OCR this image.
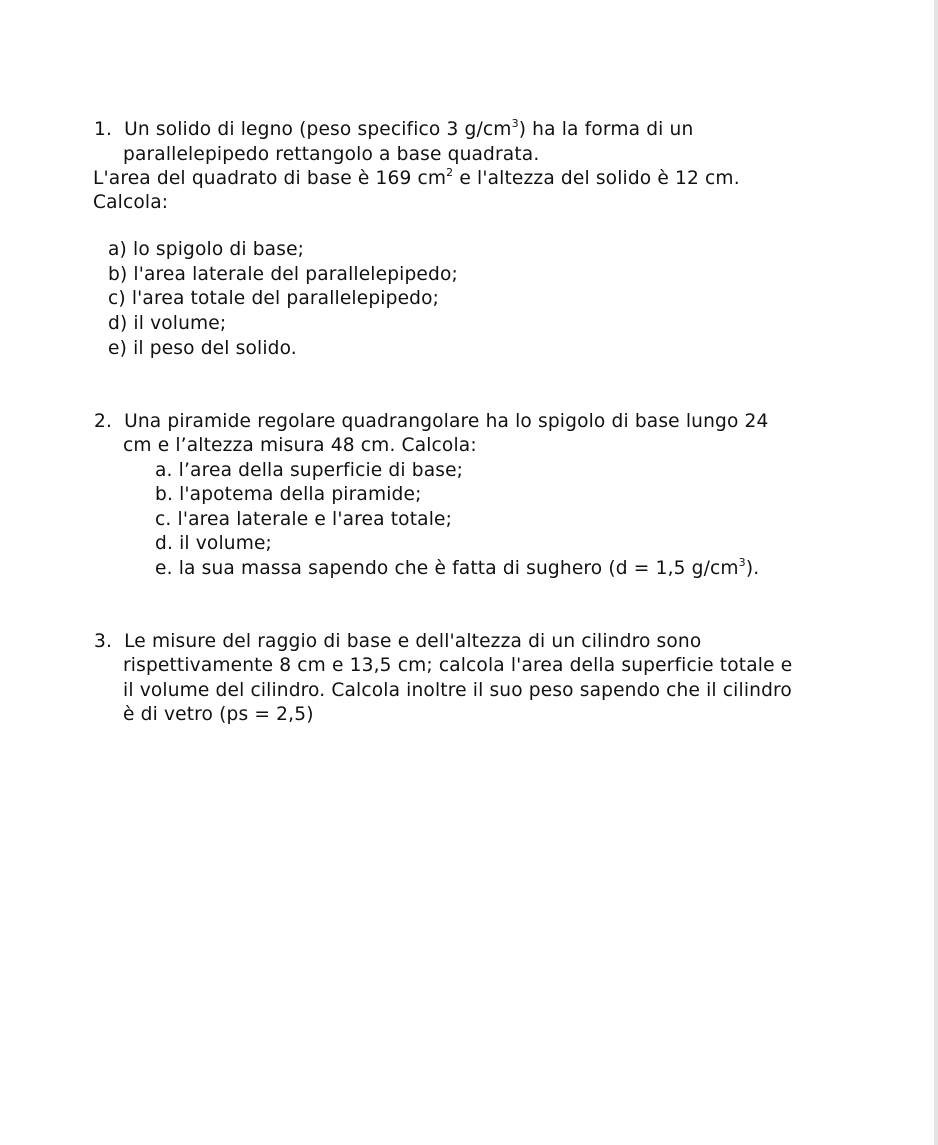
1. Un solido di legno (peso specifico 3 $g/cm^3$) ha la forma di un
parallelepipedo rettangolo a base quadrata.
L'area del quadrato di base è 169 $cm^2$ e l'altezza del solido è 12 cm.
Calcola:
a) lo spigolo di base;
b) l'area laterale del parallelepipedo;
c) l'area totale del parallelepipedo;
d) il volume;
e) il peso del solido.
2. Una piramide regolare quadrangolare ha lo spigolo di base lungo 24
cm e l’altezza misura 48 cm. Calcola:
a. l’area della superficie di base;
b. l'apotema della piramide;
c. l'area laterale e l'area totale;
d. il volume;
e. la sua massa sapendo che è fatta di sughero (d = 1,5 $g/cm^3$).
3. Le misure del raggio di base e dell'altezza di un cilindro sono
rispettivamente 8 cm e 13,5 cm; calcola l'area della superficie totale e
il volume del cilindro. Calcola inoltre il suo peso sapendo che il cilindro
è di vetro (ps = 2,5)
